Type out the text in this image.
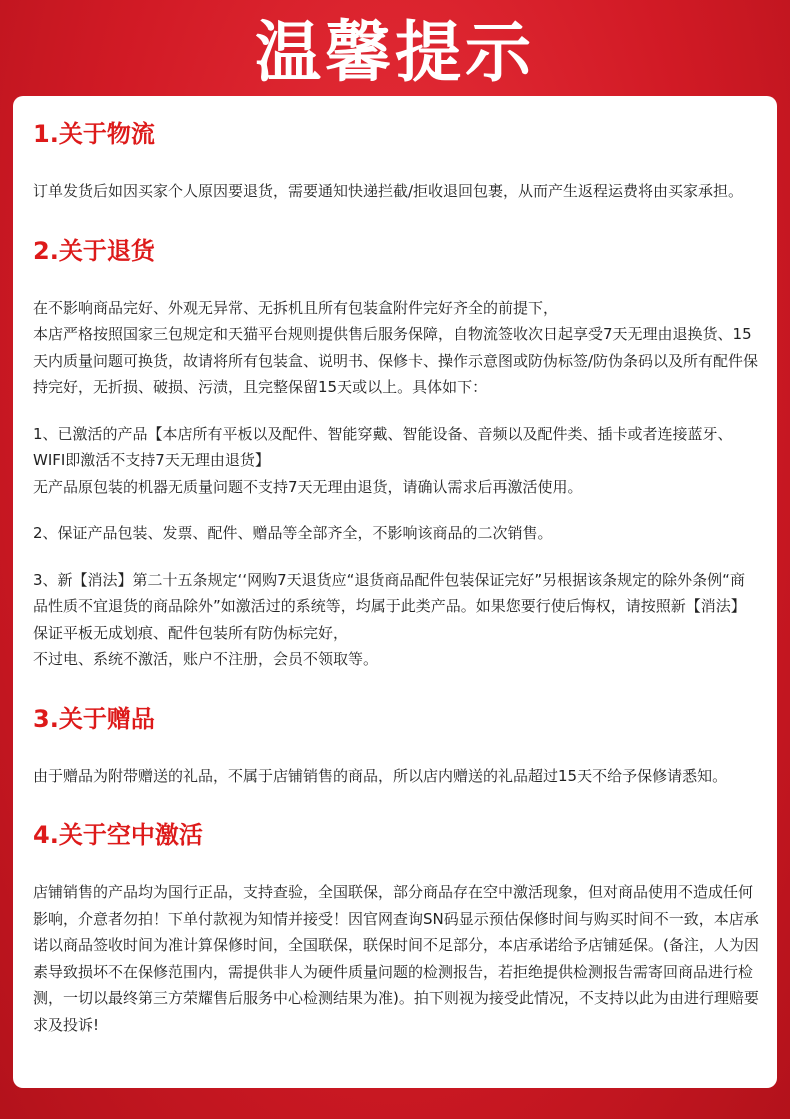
温馨提示
1.关于物流

订单发货后如因买家个人原因要退货，需要通知快递拦截/拒收退回包裹，从而产生返程运费将由买家承担。

2.关于退货

在不影响商品完好、外观无异常、无拆机且所有包装盒附件完好齐全的前提下，

本店严格按照国家三包规定和天猫平台规则提供售后服务保障，自物流签收次日起享受7天无理由退换货、15天内质量问题可换货，故请将所有包装盒、说明书、保修卡、操作示意图或防伪标签/防伪条码以及所有配件保持完好，无折损、破损、污渍，且完整保留15天或以上。具体如下：

1、已激活的产品【本店所有平板以及配件、智能穿戴、智能设备、音频以及配件类、插卡或者连接蓝牙、WIFI即激活不支持7天无理由退货】

无产品原包装的机器无质量问题不支持7天无理由退货，请确认需求后再激活使用。

2、保证产品包装、发票、配件、赠品等全部齐全，不影响该商品的二次销售。

3、新【消法】第二十五条规定‘‘网购7天退货应“退货商品配件包装保证完好”另根据该条规定的除外条例“商品性质不宜退货的商品除外”如激活过的系统等，均属于此类产品。如果您要行使后悔权，请按照新【消法】保证平板无成划痕、配件包装所有防伪标完好，

不过电、系统不激活，账户不注册，会员不领取等。

3.关于赠品

由于赠品为附带赠送的礼品，不属于店铺销售的商品，所以店内赠送的礼品超过15天不给予保修请悉知。

4.关于空中激活

店铺销售的产品均为国行正品，支持查验，全国联保，部分商品存在空中激活现象，但对商品使用不造成任何影响，介意者勿拍！下单付款视为知情并接受！因官网查询SN码显示预估保修时间与购买时间不一致，本店承诺以商品签收时间为准计算保修时间，全国联保，联保时间不足部分，本店承诺给予店铺延保。(备注，人为因素导致损坏不在保修范围内，需提供非人为硬件质量问题的检测报告，若拒绝提供检测报告需寄回商品进行检测，一切以最终第三方荣耀售后服务中心检测结果为准)。拍下则视为接受此情况，不支持以此为由进行理赔要求及投诉!
